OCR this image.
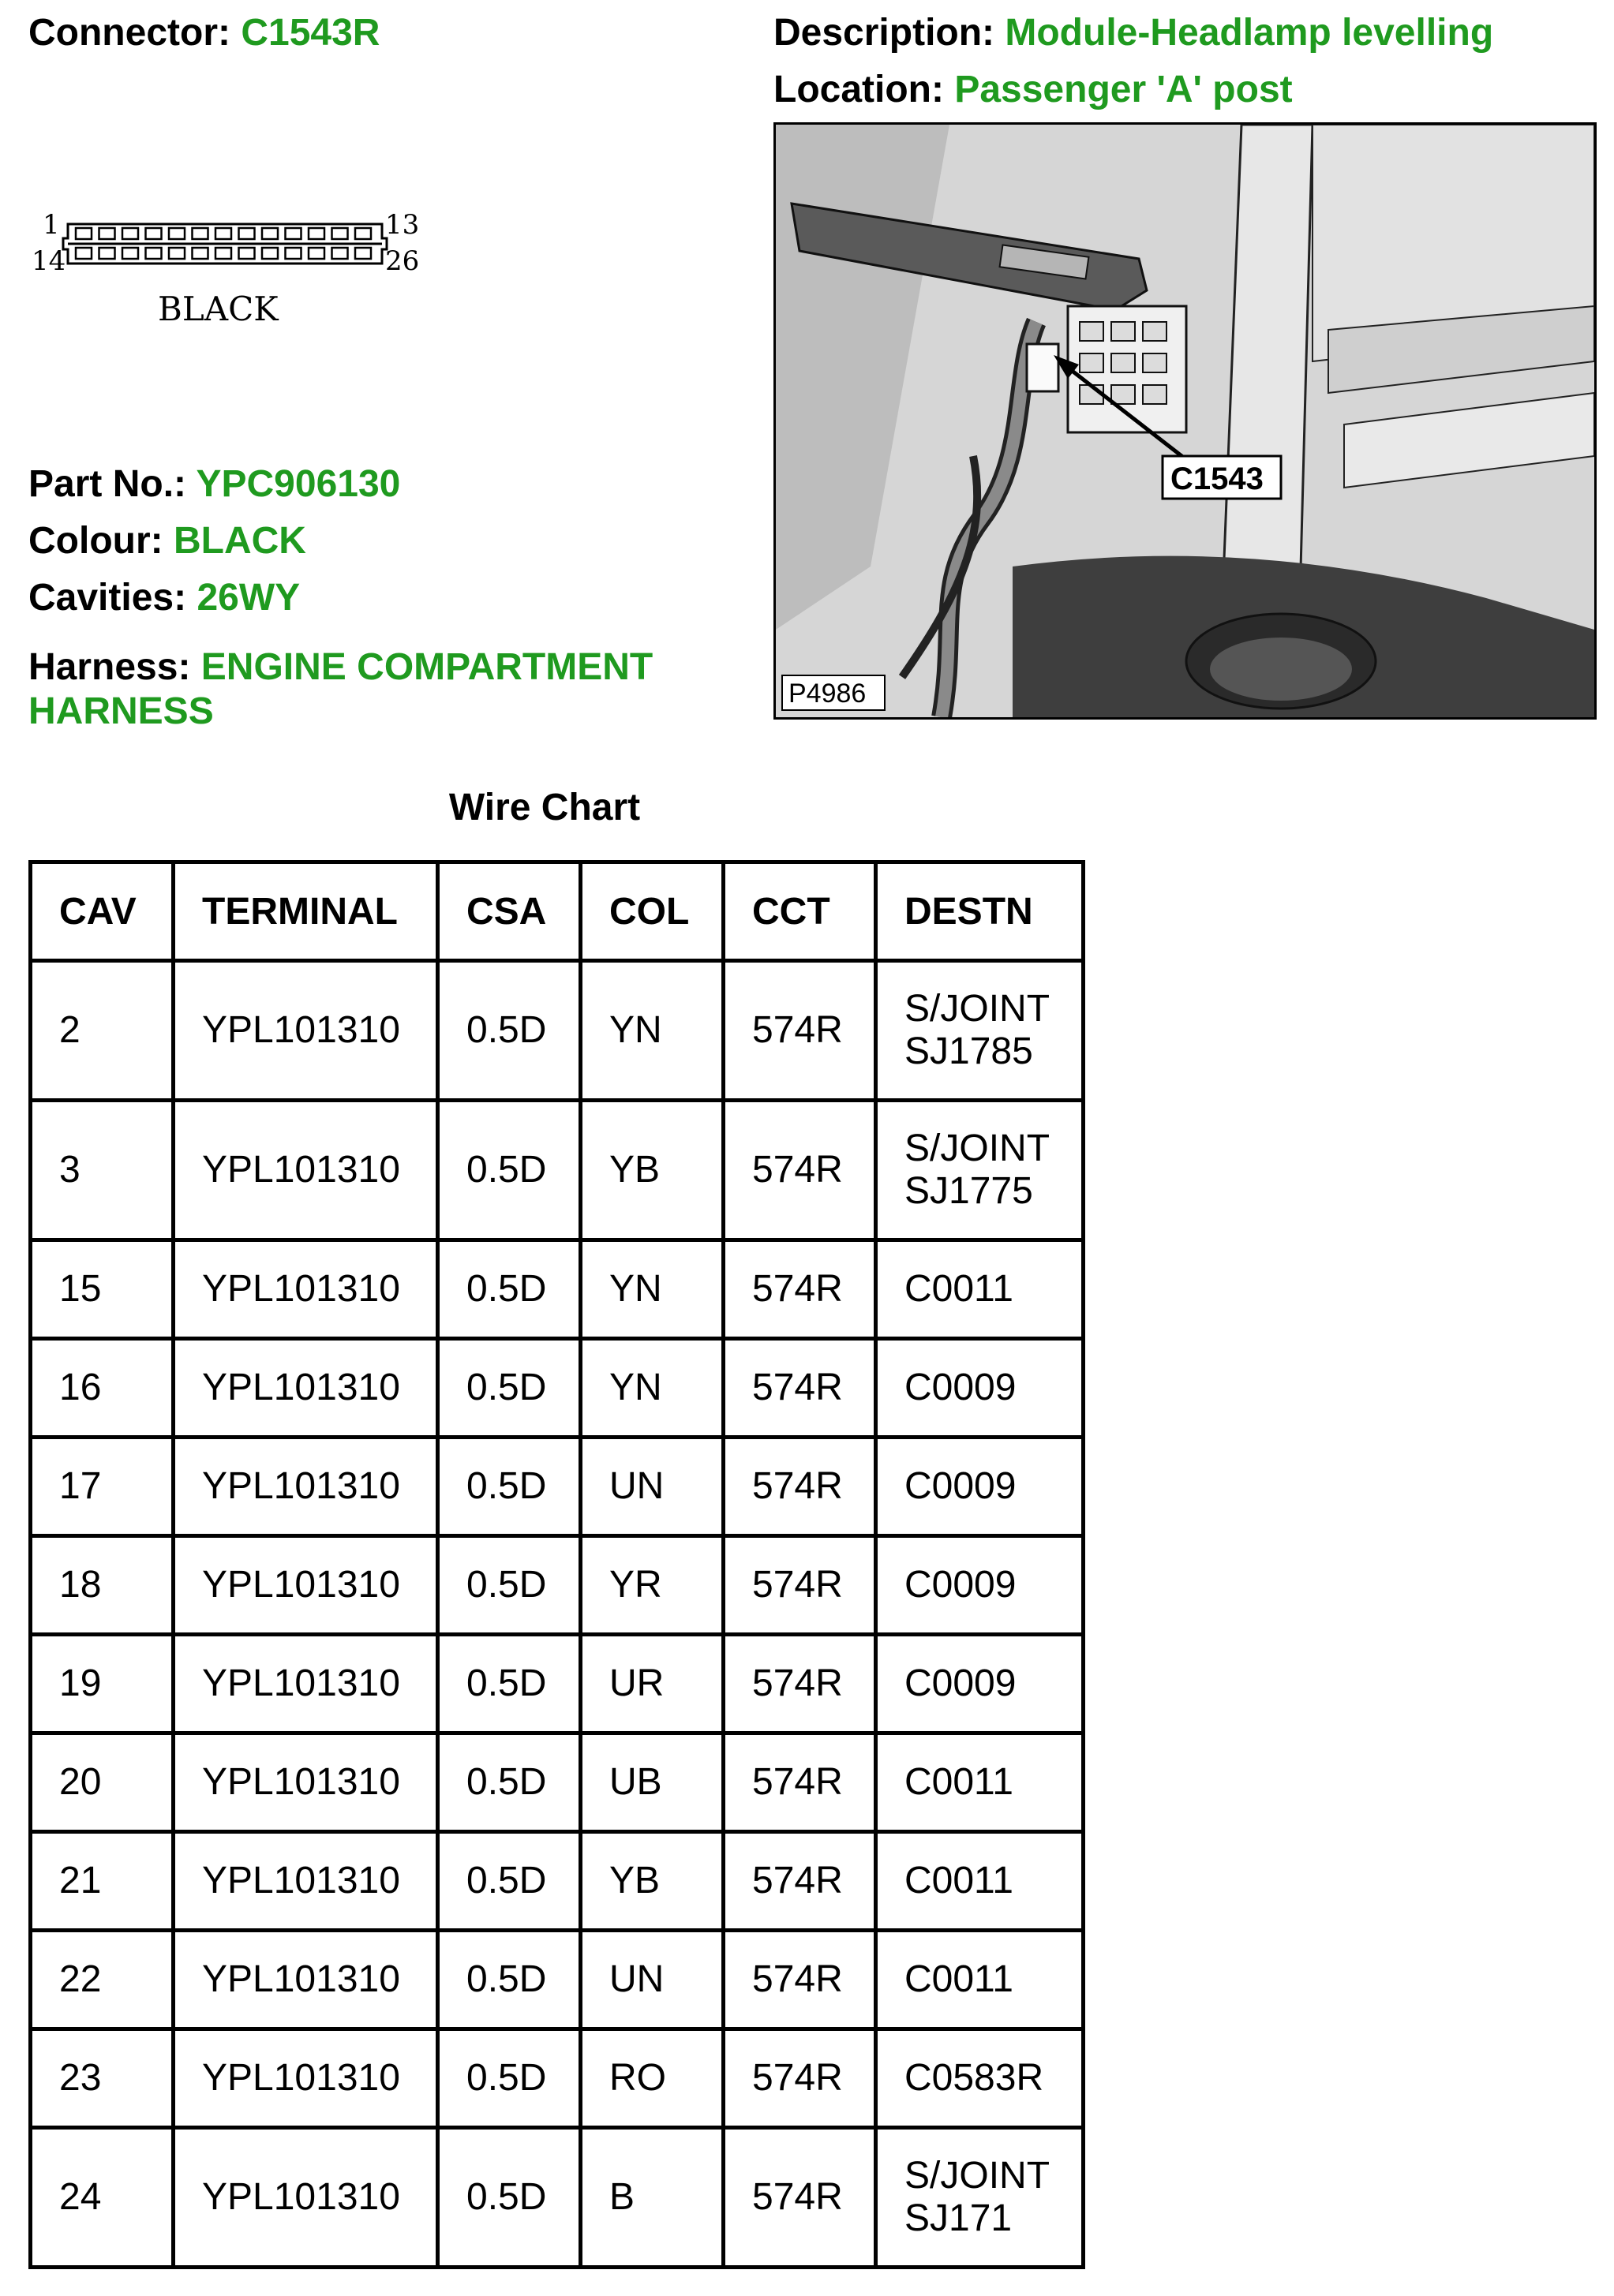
Connector: C1543R	Description: Module-Headlamp levelling
Location: Passenger 'A' post
1
14
13
26
BLACK
C1543
P4986
Part No.: YPC906130
Colour: BLACK
Cavities: 26WY
Harness: ENGINE COMPARTMENT HARNESS
Wire Chart
CAV	TERMINAL	CSA	COL	CCT	DESTN
2	YPL101310	0.5D	YN	574R	S/JOINT
SJ1785

3	YPL101310	0.5D	YB	574R	S/JOINT
SJ1775

15	YPL101310	0.5D	YN	574R	C0011

16	YPL101310	0.5D	YN	574R	C0009

17	YPL101310	0.5D	UN	574R	C0009

18	YPL101310	0.5D	YR	574R	C0009

19	YPL101310	0.5D	UR	574R	C0009

20	YPL101310	0.5D	UB	574R	C0011

21	YPL101310	0.5D	YB	574R	C0011

22	YPL101310	0.5D	UN	574R	C0011

23	YPL101310	0.5D	RO	574R	C0583R

24	YPL101310	0.5D	B	574R	S/JOINT
SJ171
